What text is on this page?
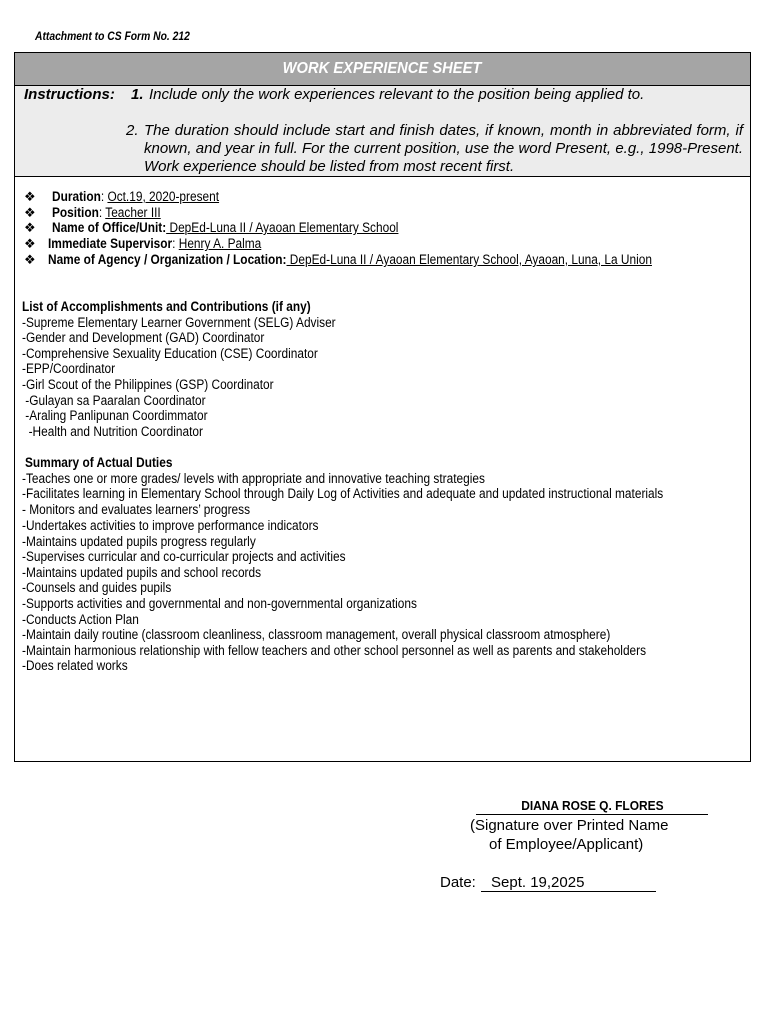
Attachment to CS Form No. 212
WORK EXPERIENCE SHEET
Instructions: 1. Include only the work experiences relevant to the position being applied to.
2. The duration should include start and finish dates, if known, month in abbreviated form, if known, and year in full. For the current position, use the word Present, e.g., 1998-Present. Work experience should be listed from most recent first.
❖ Duration: Oct.19, 2020-present
❖ Position: Teacher III
❖ Name of Office/Unit: DepEd-Luna II / Ayaoan Elementary School
❖ Immediate Supervisor: Henry A. Palma
❖ Name of Agency / Organization / Location: DepEd-Luna II / Ayaoan Elementary School, Ayaoan, Luna, La Union
List of Accomplishments and Contributions (if any)
-Supreme Elementary Learner Government (SELG) Adviser
-Gender and Development (GAD) Coordinator
-Comprehensive Sexuality Education (CSE) Coordinator
-EPP/Coordinator
-Girl Scout of the Philippines (GSP) Coordinator
-Gulayan sa Paaralan Coordinator
-Araling Panlipunan Coordimmator
-Health and Nutrition Coordinator
Summary of Actual Duties
-Teaches one or more grades/ levels with appropriate and innovative teaching strategies
-Facilitates learning in Elementary School through Daily Log of Activities and adequate and updated instructional materials
- Monitors and evaluates learners’ progress
-Undertakes activities to improve performance indicators
-Maintains updated pupils progress regularly
-Supervises curricular and co-curricular projects and activities
-Maintains updated pupils and school records
-Counsels and guides pupils
-Supports activities and governmental and non-governmental organizations
-Conducts Action Plan
-Maintain daily routine (classroom cleanliness, classroom management, overall physical classroom atmosphere)
-Maintain harmonious relationship with fellow teachers and other school personnel as well as parents and stakeholders
-Does related works
DIANA ROSE Q. FLORES
(Signature over Printed Name
of Employee/Applicant)
Date:	Sept. 19,2025
